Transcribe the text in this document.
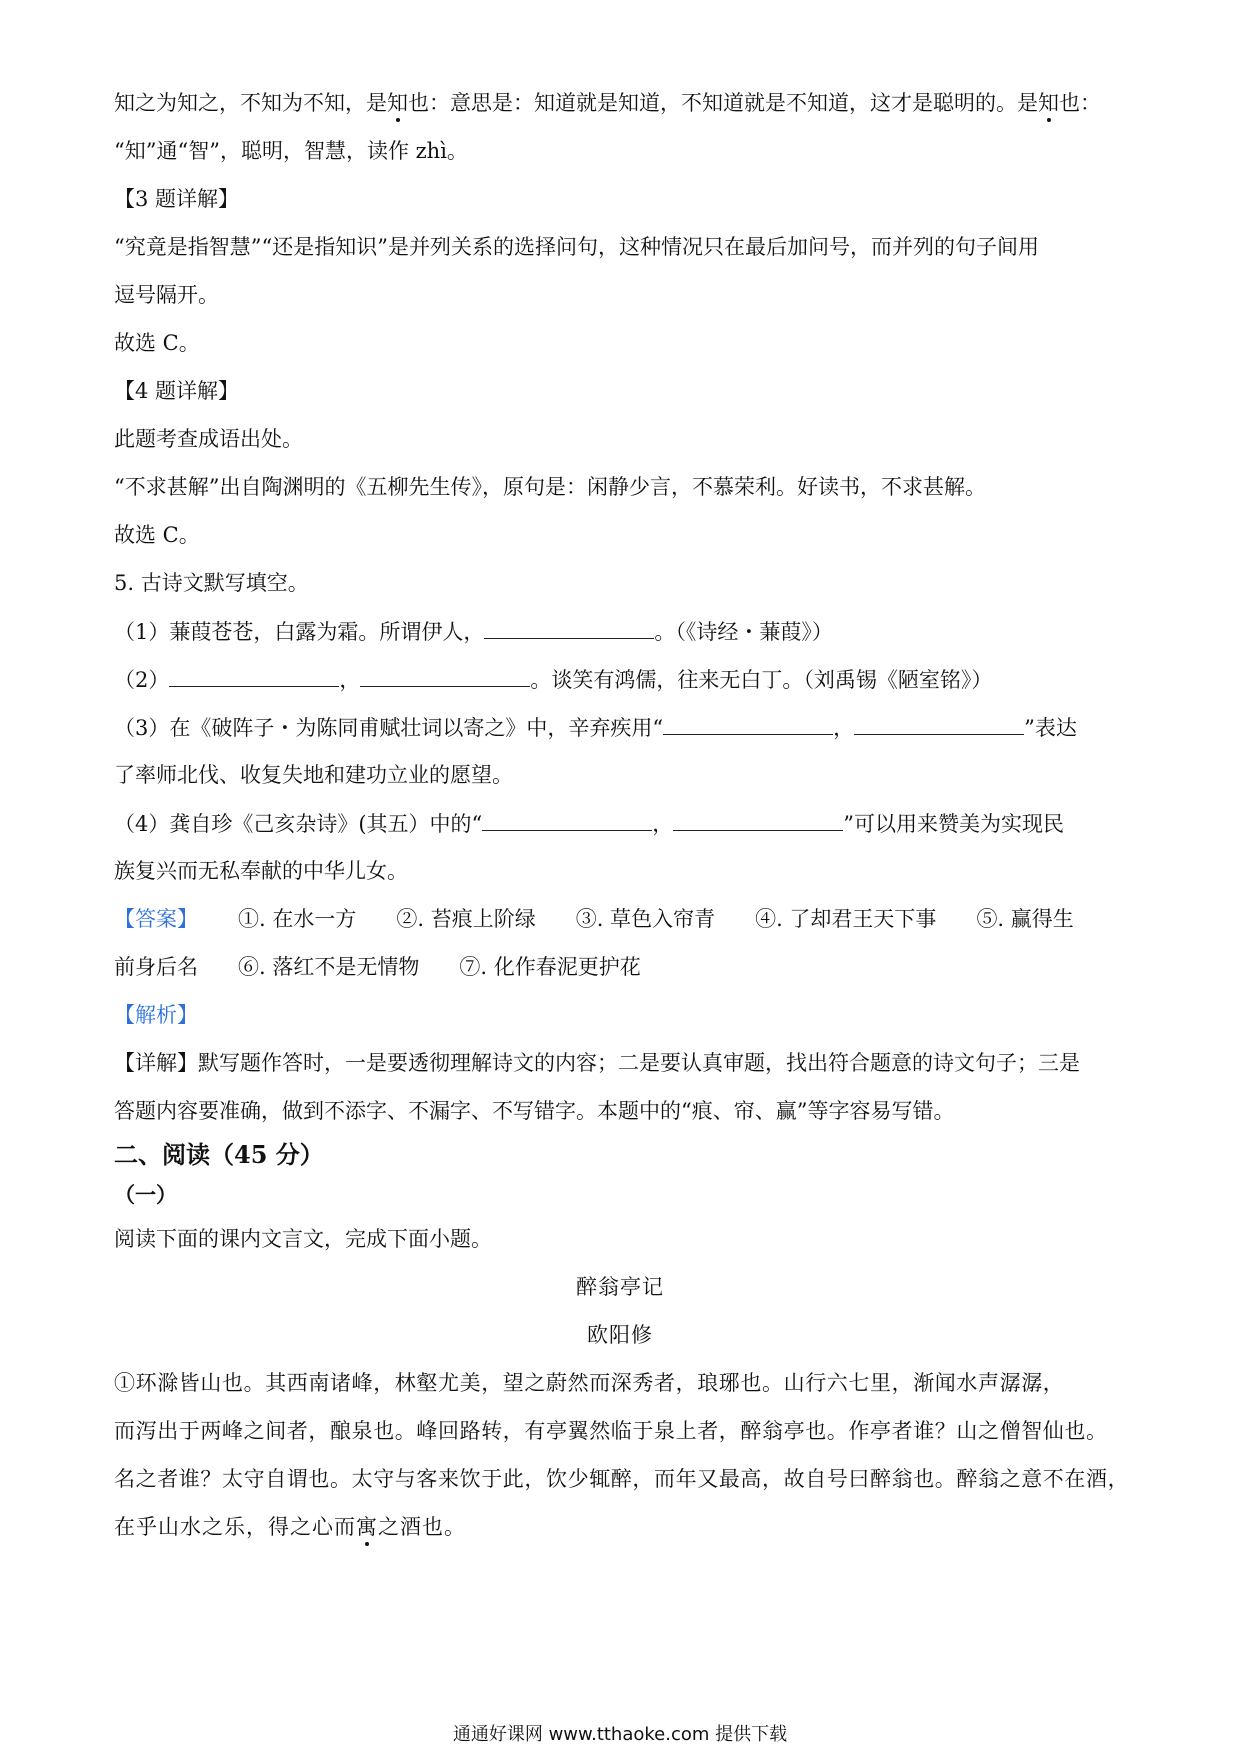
知之为知之，不知为不知，是知也：意思是：知道就是知道，不知道就是不知道，这才是聪明的。是知也：
“知”通“智”，聪明，智慧，读作 zhì。
【3 题详解】
“究竟是指智慧”“还是指知识”是并列关系的选择问句，这种情况只在最后加问号，而并列的句子间用
逗号隔开。
故选 C。
【4 题详解】
此题考查成语出处。
“不求甚解”出自陶渊明的《五柳先生传》，原句是：闲静少言，不慕荣利。好读书，不求甚解。
故选 C。
5. 古诗文默写填空。
（1）蒹葭苍苍，白露为霜。所谓伊人，	。（《诗经・蒹葭》）
（2）	，	。谈笑有鸿儒，往来无白丁。（刘禹锡《陋室铭》）
（3）在《破阵子・为陈同甫赋壮词以寄之》中，辛弃疾用“	，	”表达
了率师北伐、收复失地和建功立业的愿望。
（4）龚自珍《己亥杂诗》(其五）中的“	，	”可以用来赞美为实现民
族复兴而无私奉献的中华儿女。
【答案】 ①. 在水一方 ②. 苔痕上阶绿 ③. 草色入帘青 ④. 了却君王天下事 ⑤. 赢得生
前身后名 ⑥. 落红不是无情物 ⑦. 化作春泥更护花
【解析】
【详解】默写题作答时，一是要透彻理解诗文的内容；二是要认真审题，找出符合题意的诗文句子；三是
答题内容要准确，做到不添字、不漏字、不写错字。本题中的“痕、帘、赢”等字容易写错。
二、阅读（45 分）
（一）
阅读下面的课内文言文，完成下面小题。
醉翁亭记
欧阳修
①环滁皆山也。其西南诸峰，林壑尤美，望之蔚然而深秀者，琅琊也。山行六七里，渐闻水声潺潺，
而泻出于两峰之间者，酿泉也。峰回路转，有亭翼然临于泉上者，醉翁亭也。作亭者谁？山之僧智仙也。
名之者谁？太守自谓也。太守与客来饮于此，饮少辄醉，而年又最高，故自号曰醉翁也。醉翁之意不在酒，
在乎山水之乐，得之心而寓之酒也。
通通好课网 www.tthaoke.com 提供下载
